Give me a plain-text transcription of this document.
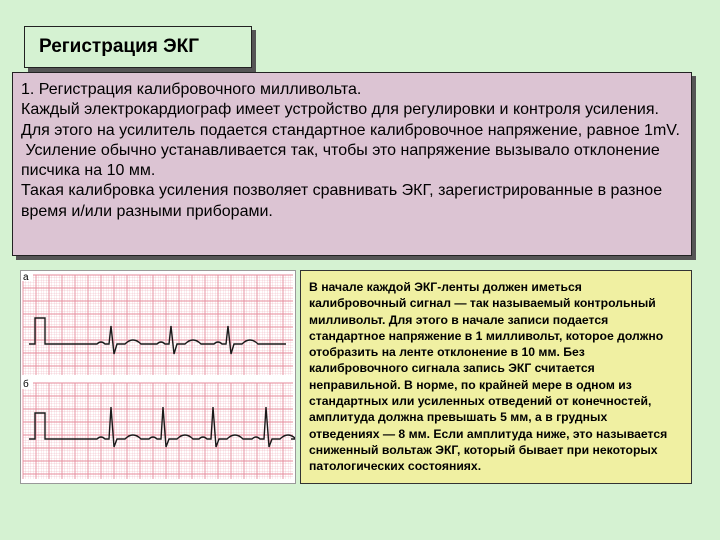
Регистрация ЭКГ

1. Регистрация калибровочного милливольта.

Каждый электрокардиограф имеет устройство для регулировки и контроля усиления. Для этого на усилитель подается стандартное калибровочное напряжение, равное 1mV.

Усиление обычно устанавливается так, чтобы это напряжение вызывало отклонение писчика на 10 мм.

Такая калибровка усиления позволяет сравнивать ЭКГ, зарегистрированные в разное время и/или разными приборами.

а
б

В начале каждой ЭКГ-ленты должен иметься калибровочный сигнал — так называемый контрольный милливольт. Для этого в начале записи подается стандартное напряжение в 1 милливольт, которое должно отобразить на ленте отклонение в 10 мм. Без калибровочного сигнала запись ЭКГ считается неправильной. В норме, по крайней мере в одном из стандартных или усиленных отведений от конечностей, амплитуда должна превышать 5 мм, а в грудных отведениях — 8 мм. Если амплитуда ниже, это называется сниженный вольтаж ЭКГ, который бывает при некоторых патологических состояниях.
